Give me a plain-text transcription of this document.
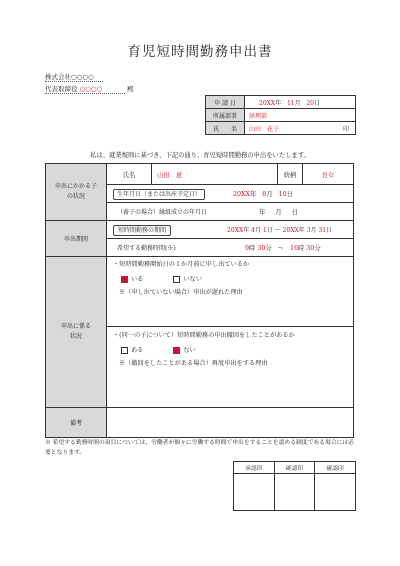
育児短時間勤務申出書
株式会社○○○○
代表取締役 ○○○○	殿
申 請 日	20XX年 11月 20日
所属部署	経理部
氏　　名	山田　花子 印
私は、就業規則に基づき、下記の通り、育児短時間勤務の申出をいたします。
申出にかかる子の状況	
氏名	山田　恵	続柄	長女

生年月日（または出産予定日）	20XX年 8月 10日
（養子の場合）縁組成立の年月日	年 月 日
申出期間	短時間勤務の期間	20XX年 4月 1日 ～ 20XX年 3月 31日
希望する勤務時間(※)	9時 30分 ～ 16時 30分
申出に係る状況	
・短時間勤務開始日の１か月前に申し出ているか
いる	いない
※（申し出ていない場合）申出が遅れた理由
・(同一の子について）短時間勤務の申出撤回をしたことがあるか
ある	ない
※（撤回をしたことがある場合）再度申出をする理由

備考	
※ 希望する勤務時間の項目については、労働者が個々に労働する時間で申出をすることを認める制度である場合には必要となります。
承認印	確認印	確認印
